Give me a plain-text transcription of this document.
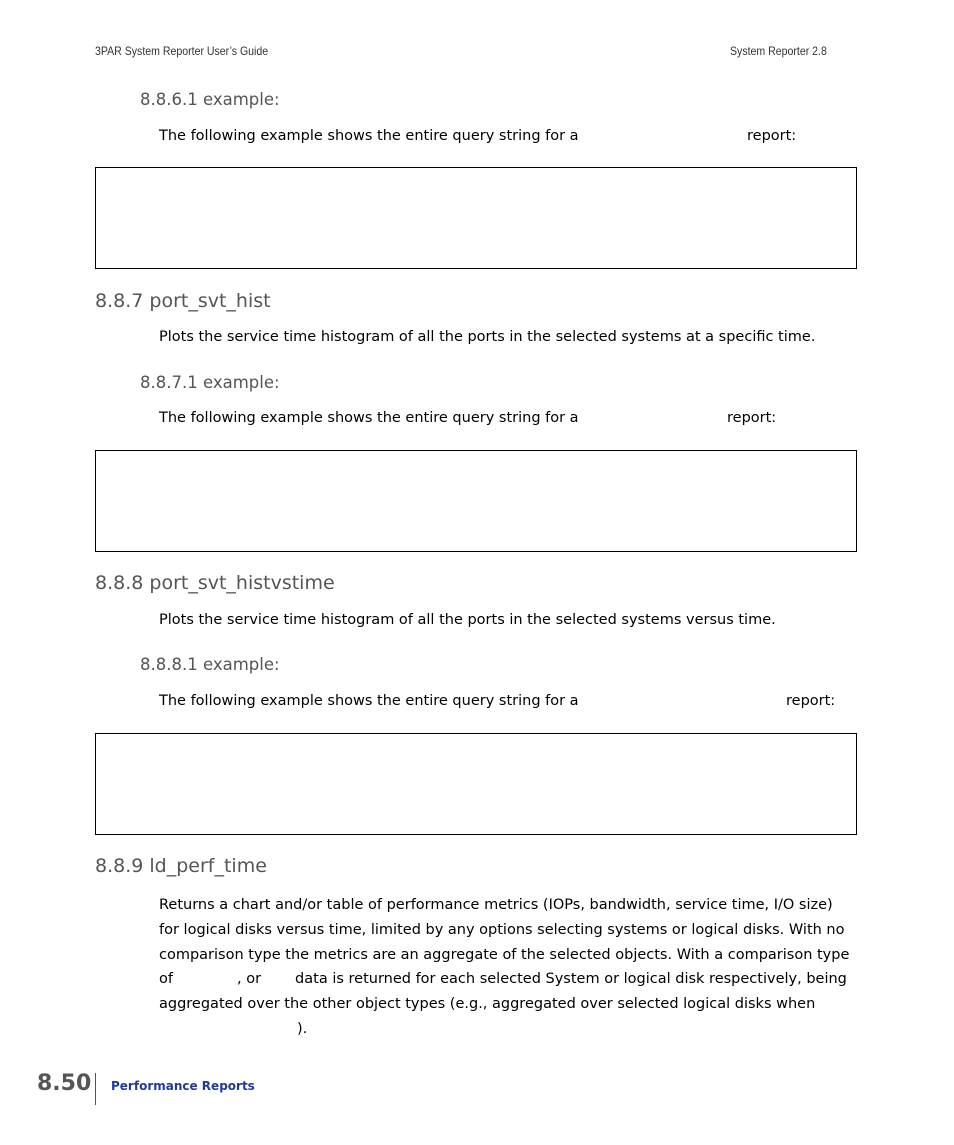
3PAR System Reporter User’s Guide	System Reporter 2.8
8.8.6.1 example:
The following example shows the entire query string for a	report:
8.8.7 port_svt_hist
Plots the service time histogram of all the ports in the selected systems at a specific time.
8.8.7.1 example:
The following example shows the entire query string for a	report:
8.8.8 port_svt_histvstime
Plots the service time histogram of all the ports in the selected systems versus time.
8.8.8.1 example:
The following example shows the entire query string for a	report:
8.8.9 ld_perf_time
Returns a chart and/or table of performance metrics (IOPs, bandwidth, service time, I/O size)
for logical disks versus time, limited by any options selecting systems or logical disks. With no
comparison type the metrics are an aggregate of the selected objects. With a comparison type
of	, or data is returned for each selected System or logical disk respectively, being
aggregated over the other object types (e.g., aggregated over selected logical disks when
).
8.50 Performance Reports
